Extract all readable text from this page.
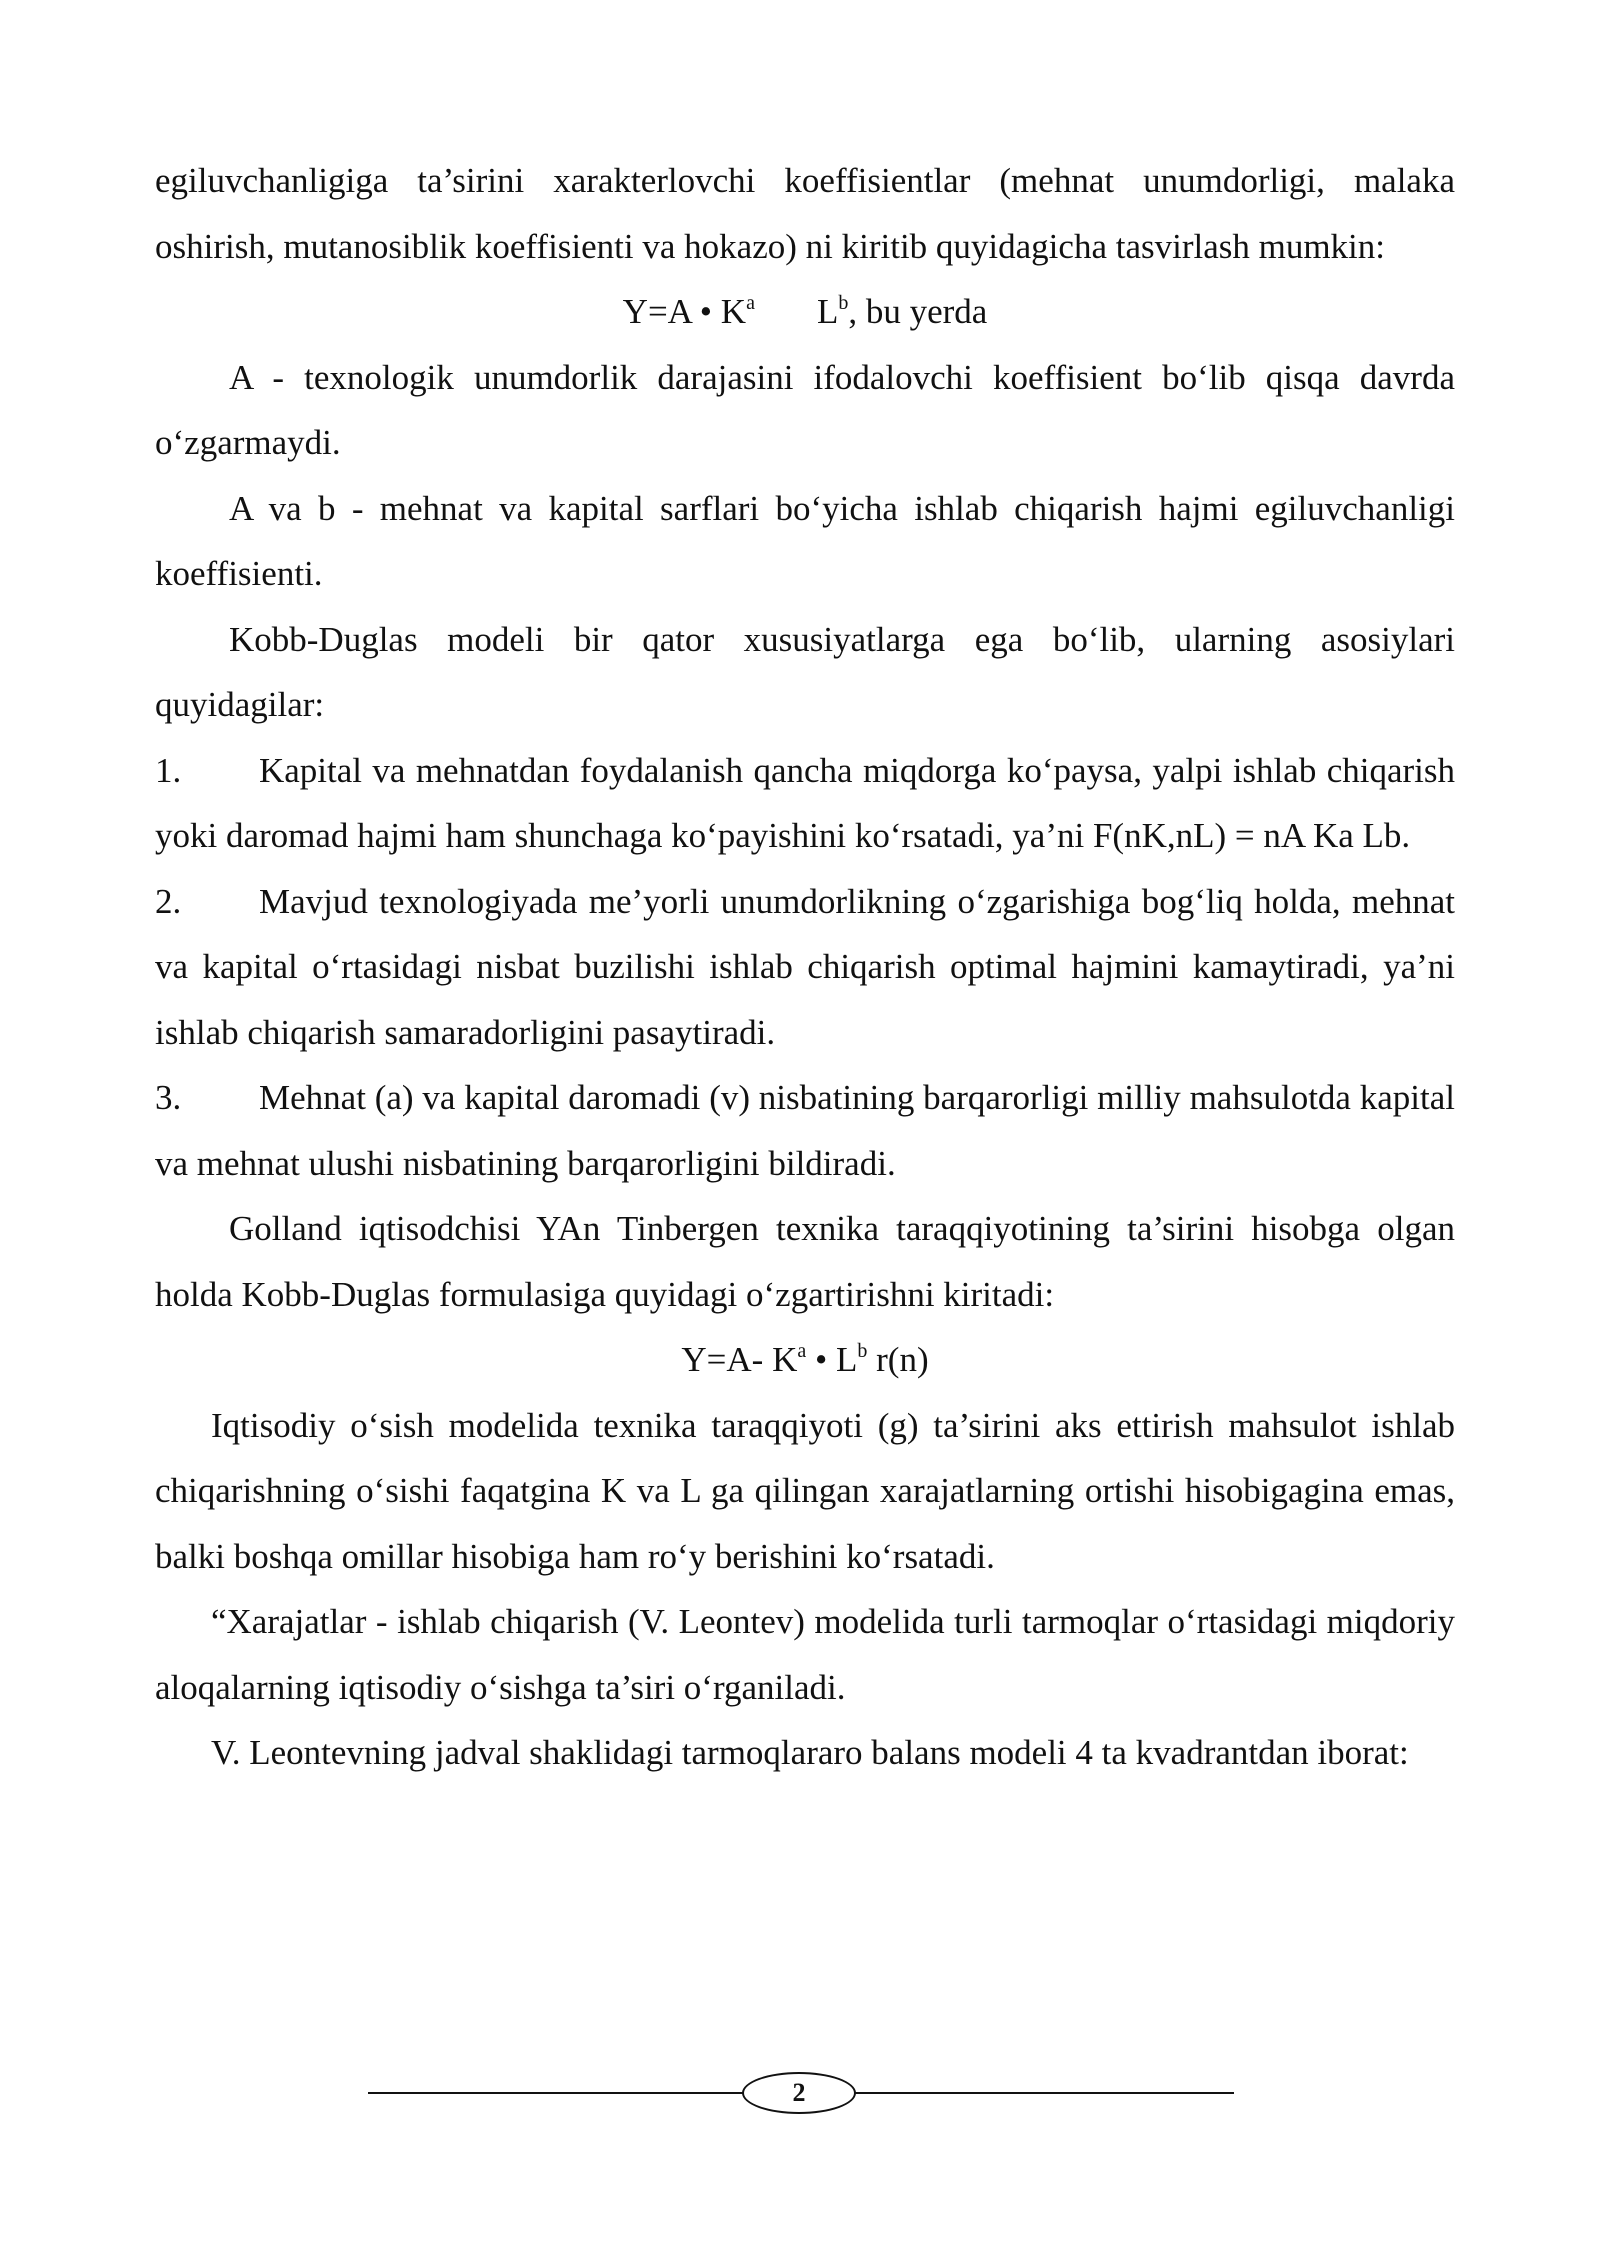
egiluvchanligiga ta’sirini xarakterlovchi koeffisientlar (mehnat unumdorligi, malaka oshirish, mutanosiblik koeffisienti va hokazo) ni kiritib quyidagicha tasvirlash mumkin:

Y=A • $K^a$ $L^b$, bu yerda

A - texnologik unumdorlik darajasini ifodalovchi koeffisient bo‘lib qisqa davrda o‘zgarmaydi.

A va b - mehnat va kapital sarflari bo‘yicha ishlab chiqarish hajmi egiluvchanligi koeffisienti.

Kobb-Duglas modeli bir qator xususiyatlarga ega bo‘lib, ularning asosiylari quyidagilar:

1. Kapital va mehnatdan foydalanish qancha miqdorga ko‘paysa, yalpi ishlab chiqarish yoki daromad hajmi ham shunchaga ko‘payishini ko‘rsatadi, ya’ni F(nK,nL) = nA Ka Lb.

2. Mavjud texnologiyada me’yorli unumdorlikning o‘zgarishiga bog‘liq holda, mehnat va kapital o‘rtasidagi nisbat buzilishi ishlab chiqarish optimal hajmini kamaytiradi, ya’ni ishlab chiqarish samaradorligini pasaytiradi.

3. Mehnat (a) va kapital daromadi (v) nisbatining barqarorligi milliy mahsulotda kapital va mehnat ulushi nisbatining barqarorligini bildiradi.

Golland iqtisodchisi YAn Tinbergen texnika taraqqiyotining ta’sirini hisobga olgan holda Kobb-Duglas formulasiga quyidagi o‘zgartirishni kiritadi:

Y=A- $K^a$ • $L^b$ r(n)

Iqtisodiy o‘sish modelida texnika taraqqiyoti (g) ta’sirini aks ettirish mahsulot ishlab chiqarishning o‘sishi faqatgina K va L ga qilingan xarajatlarning ortishi hisobigagina emas, balki boshqa omillar hisobiga ham ro‘y berishini ko‘rsatadi.

“Xarajatlar - ishlab chiqarish (V. Leontev) modelida turli tarmoqlar o‘rtasidagi miqdoriy aloqalarning iqtisodiy o‘sishga ta’siri o‘rganiladi.

V. Leontevning jadval shaklidagi tarmoqlararo balans modeli 4 ta kvadrantdan iborat:

2
